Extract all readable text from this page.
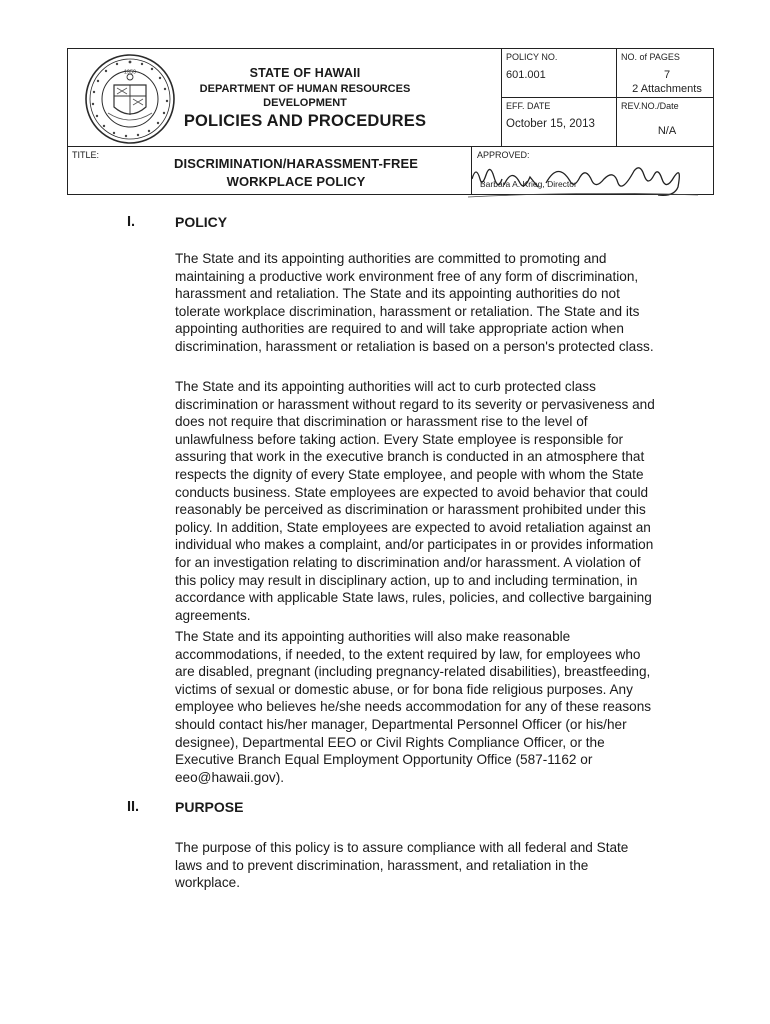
1959	STATE OF HAWAII
DEPARTMENT OF HUMAN RESOURCES DEVELOPMENT
POLICIES AND PROCEDURES
POLICY NO.
601.001
NO. of PAGES
7
2 Attachments
EFF. DATE
October 15, 2013
REV.NO./Date
N/A
TITLE:
DISCRIMINATION/HARASSMENT-FREE
WORKPLACE POLICY
APPROVED:
Barbara A. Krieg, Director
I.	POLICY

The State and its appointing authorities are committed to promoting and maintaining a productive work environment free of any form of discrimination, harassment and retaliation. The State and its appointing authorities do not tolerate workplace discrimination, harassment or retaliation. The State and its appointing authorities are required to and will take appropriate action when discrimination, harassment or retaliation is based on a person's protected class.

The State and its appointing authorities will act to curb protected class discrimination or harassment without regard to its severity or pervasiveness and does not require that discrimination or harassment rise to the level of unlawfulness before taking action. Every State employee is responsible for assuring that work in the executive branch is conducted in an atmosphere that respects the dignity of every State employee, and people with whom the State conducts business. State employees are expected to avoid behavior that could reasonably be perceived as discrimination or harassment prohibited under this policy. In addition, State employees are expected to avoid retaliation against an individual who makes a complaint, and/or participates in or provides information for an investigation relating to discrimination and/or harassment. A violation of this policy may result in disciplinary action, up to and including termination, in accordance with applicable State laws, rules, policies, and collective bargaining agreements.

The State and its appointing authorities will also make reasonable accommodations, if needed, to the extent required by law, for employees who are disabled, pregnant (including pregnancy-related disabilities), breastfeeding, victims of sexual or domestic abuse, or for bona fide religious purposes. Any employee who believes he/she needs accommodation for any of these reasons should contact his/her manager, Departmental Personnel Officer (or his/her designee), Departmental EEO or Civil Rights Compliance Officer, or the Executive Branch Equal Employment Opportunity Office (587-1162 or eeo@hawaii.gov).

II.	PURPOSE

The purpose of this policy is to assure compliance with all federal and State laws and to prevent discrimination, harassment, and retaliation in the workplace.
